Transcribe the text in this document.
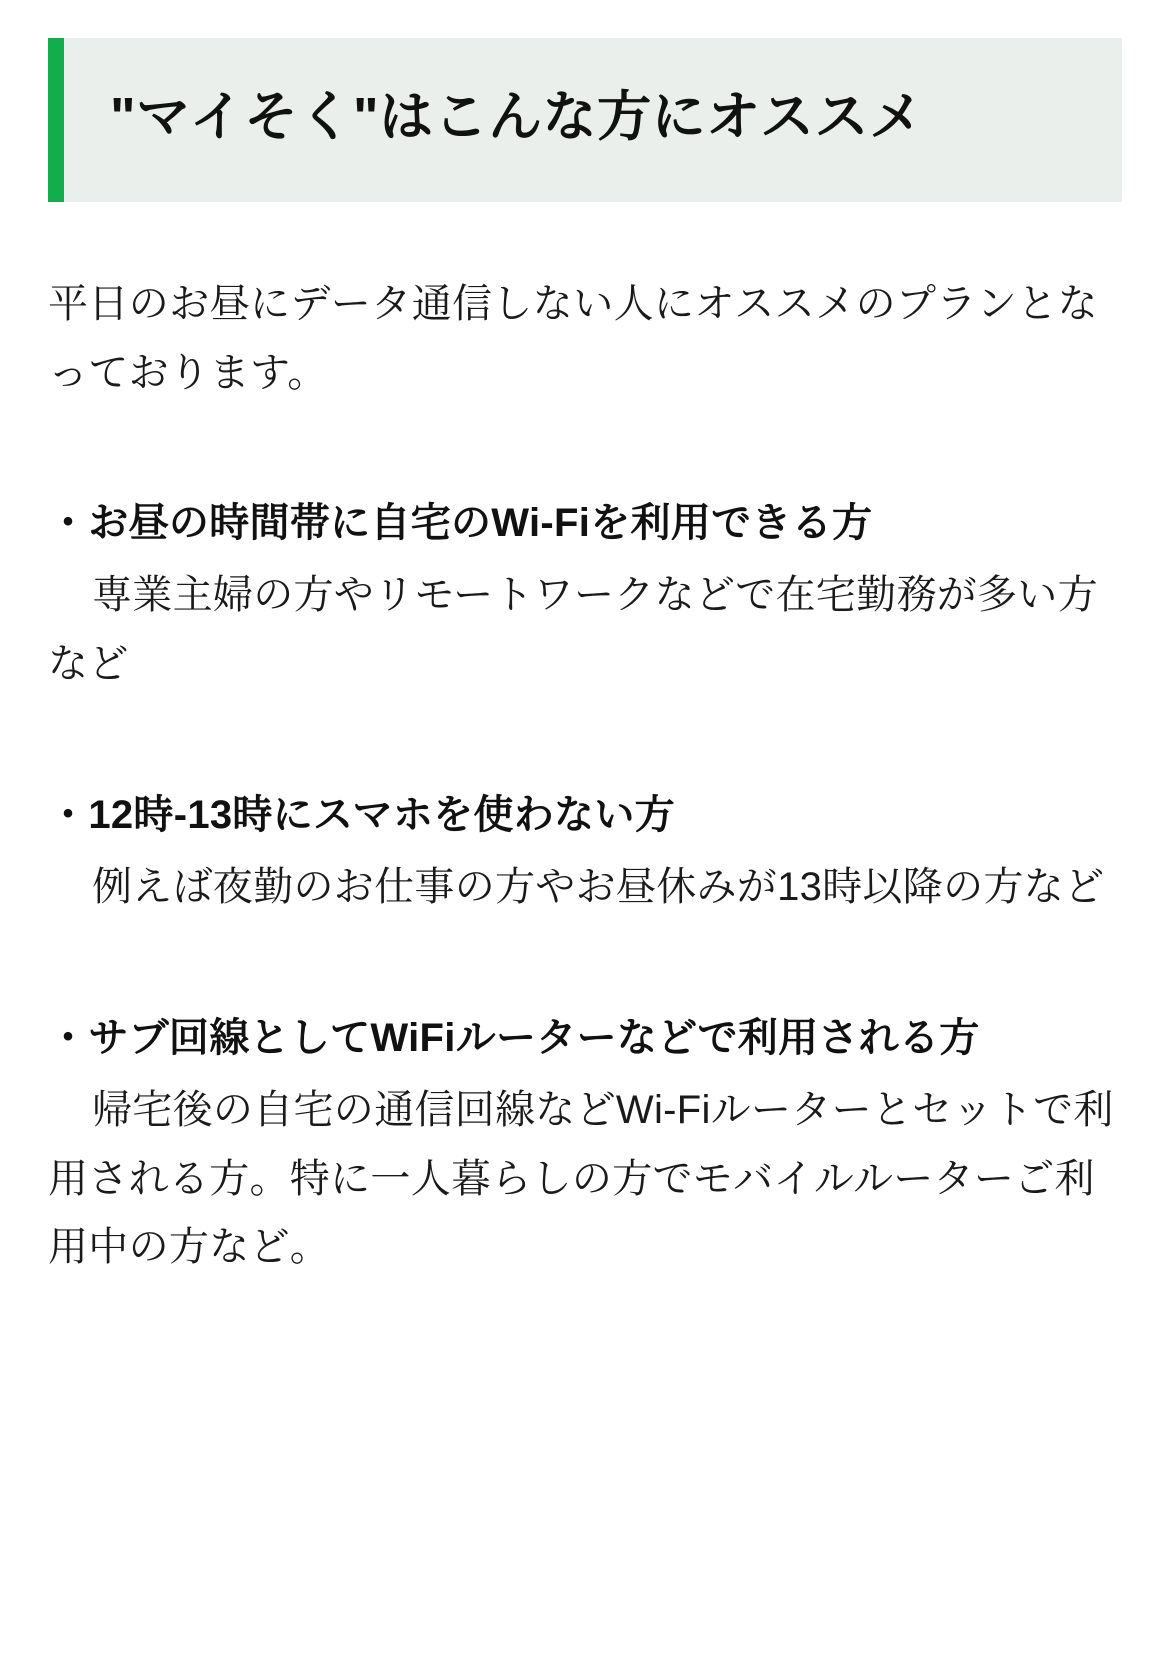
"マイそく"はこんな方にオススメ

平日のお昼にデータ通信しない人にオススメのプランとなっております。

・お昼の時間帯に自宅のWi-Fiを利用できる方
専業主婦の方やリモートワークなどで在宅勤務が多い方など
・12時-13時にスマホを使わない方
例えば夜勤のお仕事の方やお昼休みが13時以降の方など
・サブ回線としてWiFiルーターなどで利用される方
帰宅後の自宅の通信回線などWi-Fiルーターとセットで利用される方。特に一人暮らしの方でモバイルルーターご利用中の方など。
